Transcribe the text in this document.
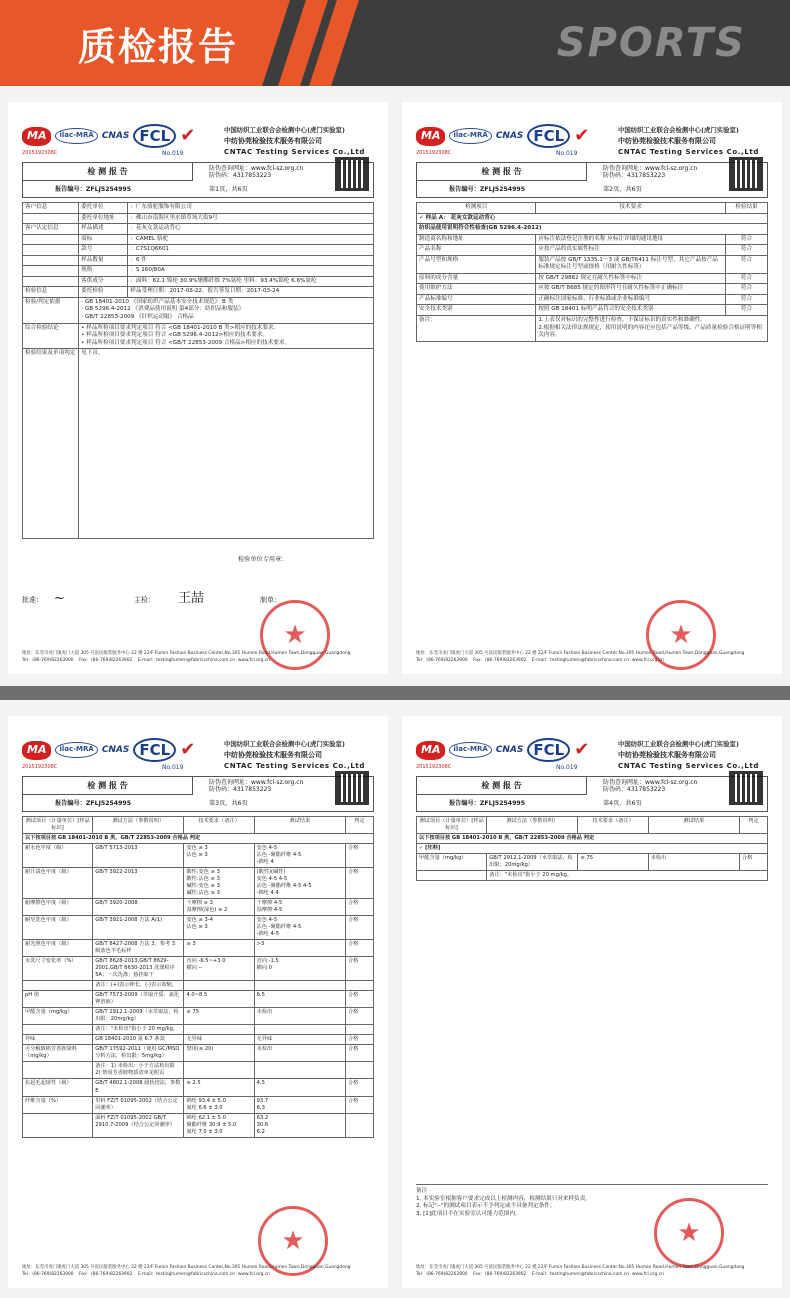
质检报告	SPORTS
MA	ilac-MRA CNAS FCL ✔
2015192308C	No.019
中国纺织工业联合会检测中心(虎门实验室)
中纺协莞检验技术服务有限公司
CNTAC Testing Services Co.,Ltd
检 测 报 告	防伪查询网址：www.fcl-sz.org.cn
防伪码：4317853223
报告编号：ZFLJ5254995	第1页，共6页
客户信息	委托单位	：广东骆驼服饰有限公司
	委托单位地址	：佛山市南海区里水镇草场大街9号
客户认定信息	样品描述	：花灰女款运动背心
	商标	：CAMEL 骆驼
	款号	：C7S1Q6601
	样品数量	：6 件
	规格	：S 160/80A
	客供成分	：面料：62.1 锦纶 30.9%聚酯纤维 7%氨纶 里料：93.4%锦纶 6.6%氨纶
检验信息	委托检验	样品受理日期：2017-03-22，报告签发日期：2017-03-24
检验/判定依据	- GB 18401-2010 《国家纺织产品基本安全技术规范》 B 类
- GB 5296.4-2012 《消费品使用说明 第4部分：纺织品和服装》
- GB/T 22853-2009 《针织运动服》 合格品	

综合检验结论	• 样品所检项目要求判定项目 符合 <GB 18401-2010 B 类>相应的技术要求。
• 样品所检项目要求判定项目 符合 <GB 5296.4-2012>相应的技术要求。
• 样品所检项目要求判定项目 符合 <GB/T 22853-2009 合格品>相应的技术要求。	

检验结果及单项判定	见下页。	
检验单位专用章：
批准： ~	主检： 王喆	制单：
★
地址：东莞市虎门镇虎门大道 305 号富民服装服务中心 22 楼 22/F Fumin Fashion Business Center,No.305 Humen Road,Humen Town,Dongguan,Guangdong
Tel：(86-769)82263900 Fax：(86-769)82263902 E-mail：testinghumen@fabricschina.com.cn www.fcl.org.cn
MA	ilac-MRA CNAS FCL ✔
2015192308C	No.019
中国纺织工业联合会检测中心(虎门实验室)
中纺协莞检验技术服务有限公司
CNTAC Testing Services Co.,Ltd
检 测 报 告	防伪查询网址：www.fcl-sz.org.cn
防伪码：4317853223
报告编号：ZFLJ5254995	第2页，共6页
检测项目	技术要求	检验结果
✓ 样品 A： 花灰女款运动背心		
纺织品使用说明符合性检查(GB 5296.4-2012)		
制造商名称和地址	应标注依法登记注册的名称 应标注详细的通讯地址	符合
产品名称	应按产品的真实属性标注	符合
产品号型和规格	服装产品按 GB/T 1335.1～3 或 GB/T6411 标注号型，其它产品按产品标准规定标注号型或规格（用耐久性标签）	符合
原料的成分含量	按 GB/T 29862 规定在耐久性标签中标注	符合
使用维护方法	应按 GB/T 8685 规定的图形符号在耐久性标签中正确标注	符合
产品标准编号	正确标注国家标准、行业标准或企业标准编号	符合
安全技术类别	按照 GB 18401 标明产品符合的安全技术类别	符合
备注：	1.上表仅对标识的完整性进行检查，不保证标识的真实性和准确性。
2.根据相关法律法规规定，使用说明的内容还应包括产品等级、产品质量检验合格证明等相关内容。	
★
地址：东莞市虎门镇虎门大道 305 号富民服装服务中心 22 楼 22/F Fumin Fashion Business Center,No.305 Humen Road,Humen Town,Dongguan,Guangdong
Tel：(86-769)82263900 Fax：(86-769)82263902 E-mail：testinghumen@fabricschina.com.cn www.fcl.org.cn
MA	ilac-MRA CNAS FCL ✔
2015192308C	No.019
中国纺织工业联合会检测中心(虎门实验室)
中纺协莞检验技术服务有限公司
CNTAC Testing Services Co.,Ltd
检 测 报 告	防伪查询网址：www.fcl-sz.org.cn
防伪码：4317853223
报告编号：ZFLJ5254995	第3页，共6页
测试项目（计量单位）[样品标识]	测试方法（参数说明）	技术要求（备注）	测试结果	判定
以下按项目按 GB 18401-2010 B 类、GB/T 22853-2009 合格品 判定				
耐水色牢度（级）	GB/T 5713-2013	变色 ≥ 3
沾色 ≥ 3	变色 4-5
沾色 -聚酯纤维 4-5
-锦纶 4	合格
耐汗渍色牢度（级）	GB/T 3922-2013	酸性:变色 ≥ 3
酸性:沾色 ≥ 3
碱性:变色 ≥ 3
碱性:沾色 ≥ 3	(酸性)(碱性)
变色 4-5 4-5
沾色 -聚酯纤维 4-5 4-5
-锦纶 4 4	合格
耐摩擦色牢度（级）	GB/T 3920-2008	干摩擦 ≥ 3
湿摩擦(深色) ≥ 2	干摩擦 4-5
湿摩擦 4-5	合格
耐皂洗色牢度（级）	GB/T 3921-2008 方法 A(1)	变色 ≥ 3-4
沾色 ≥ 3	变色 4-5
沾色 -聚酯纤维 4-5
-锦纶 4-5	合格
耐光照色牢度（级）	GB/T 8427-2008 方法 3，参考 3 级蓝色羊毛标样	≥ 3	>3	合格
水洗尺寸变化率（%）	GB/T 8628-2013,GB/T 8629-2001,GB/T 8630-2013 洗涤程序 5A；一次洗涤；悬挂晾干	直向 -6.5~+3.0
横向 --	直向 -1.5
横向 0	合格
	备注：(+)表示伸长，(-)表示收缩。			
pH 值	GB/T 7573-2009（萃取介质：氯化钾溶液）	4.0~8.5	6.5	合格
甲醛含量（mg/kg）	GB/T 2912.1-2009（水萃取法，检出限：20mg/kg）	≤ 75	未检出	合格
	备注："未检出"指小于 20 mg/kg。			
异味	GB 18401-2010 第 6.7 条款	无异味	无异味	合格
可分解致癌芳香胺染料（mg/kg）	GB/T 17592-2011（使用 GC/MSD 分析方法，检出限：5mg/kg）	禁用(≤ 20)	未检出	合格
	备注：1) 未检出：小于方法检出限
2) 禁用芳香胺物质清单见附页			
抗起毛起球性（级）	GB/T 4802.1-2008 圆轨迹法，参数 E	≥ 2.5	4.5	合格
纤维含量（%）	里料 FZ/T 01095-2002（结合公定回潮率）	锦纶 93.4 ± 5.0
氨纶 6.6 ± 3.0	93.7
6.3	合格
	面料 FZ/T 01095-2002 GB/T 2910.7-2009（结合公定回潮率）	锦纶 62.1 ± 5.0
聚酯纤维 30.9 ± 5.0
氨纶 7.0 ± 3.0	63.2
30.6
6.2	
★
地址：东莞市虎门镇虎门大道 305 号富民服装服务中心 22 楼 22/F Fumin Fashion Business Center,No.305 Humen Road,Humen Town,Dongguan,Guangdong
Tel：(86-769)82263900 Fax：(86-769)82263902 E-mail：testinghumen@fabricschina.com.cn www.fcl.org.cn
MA	ilac-MRA CNAS FCL ✔
2015192308C	No.019
中国纺织工业联合会检测中心(虎门实验室)
中纺协莞检验技术服务有限公司
CNTAC Testing Services Co.,Ltd
检 测 报 告	防伪查询网址：www.fcl-sz.org.cn
防伪码：4317853223
报告编号：ZFLJ5254995	第4页，共6页
测试项目（计量单位）[样品标识]	测试方法（参数说明）	技术要求（备注）	测试结果	判定
以下按项目按 GB 18401-2010 B 类、GB/T 22853-2009 合格品 判定				
✓ [坯料]				
甲醛含量（mg/kg）	GB/T 2912.1-2009（水萃取法，检出限：20mg/kg）	≤ 75	未检出	合格
	备注："未检出"指小于 20 mg/kg。			
备注
1. 本实验室根据客户要求完成以上检测内容，检测结果只对来样负责。
2. 标记"--"的测试项目表示不予判定或不具备判定条件。
3. [1]此项目不在实验室认可能力范围内。
★
地址：东莞市虎门镇虎门大道 305 号富民服装服务中心 22 楼 22/F Fumin Fashion Business Center,No.305 Humen Road,Humen Town,Dongguan,Guangdong
Tel：(86-769)82263900 Fax：(86-769)82263902 E-mail：testinghumen@fabricschina.com.cn www.fcl.org.cn
